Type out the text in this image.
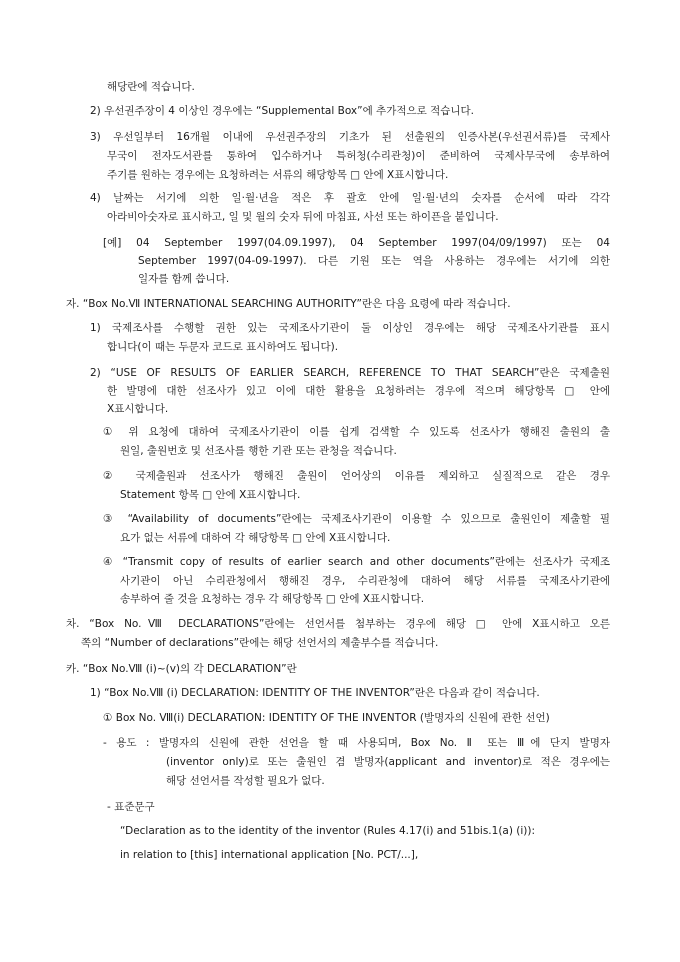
해당란에 적습니다.
2) 우선권주장이 4 이상인 경우에는 “Supplemental Box”에 추가적으로 적습니다.
3) 우선일부터 16개월 이내에 우선권주장의 기초가 된 선출원의 인증사본(우선권서류)를 국제사
무국이 전자도서관를 통하여 입수하거나 특허청(수리관청)이 준비하여 국제사무국에 송부하여
주기를 원하는 경우에는 요청하려는 서류의 해당항목 □ 안에 X표시합니다.
4) 날짜는 서기에 의한 일·월·년을 적은 후 괄호 안에 일·월·년의 숫자를 순서에 따라 각각
아라비아숫자로 표시하고, 일 및 월의 숫자 뒤에 마침표, 사선 또는 하이픈을 붙입니다.
[예] 04 September 1997(04.09.1997), 04 September 1997(04/09/1997) 또는 04
September 1997(04-09-1997). 다른 기원 또는 역을 사용하는 경우에는 서기에 의한
일자를 함께 씁니다.
자. “Box No.Ⅶ INTERNATIONAL SEARCHING AUTHORITY”란은 다음 요령에 따라 적습니다.
1) 국제조사를 수행할 권한 있는 국제조사기관이 둘 이상인 경우에는 해당 국제조사기관를 표시
합니다(이 때는 두문자 코드로 표시하여도 됩니다).
2) “USE OF RESULTS OF EARLIER SEARCH, REFERENCE TO THAT SEARCH”란은 국제출원
한 발명에 대한 선조사가 있고 이에 대한 활용을 요청하려는 경우에 적으며 해당항목 □ 안에
X표시합니다.
① 위 요청에 대하여 국제조사기관이 이를 쉽게 검색할 수 있도록 선조사가 행해진 출원의 출
원일, 출원번호 및 선조사를 행한 기관 또는 관청을 적습니다.
② 국제출원과 선조사가 행해진 출원이 언어상의 이유를 제외하고 실질적으로 같은 경우
Statement 항목 □ 안에 X표시합니다.
③ “Availability of documents”란에는 국제조사기관이 이용할 수 있으므로 출원인이 제출할 필
요가 없는 서류에 대하여 각 해당항목 □ 안에 X표시합니다.
④ “Transmit copy of results of earlier search and other documents”란에는 선조사가 국제조
사기관이 아닌 수리관청에서 행해진 경우, 수리관청에 대하여 해당 서류를 국제조사기관에
송부하여 줄 것을 요청하는 경우 각 해당항목 □ 안에 X표시합니다.
차. “Box No.Ⅷ DECLARATIONS”란에는 선언서를 첨부하는 경우에 해당 □ 안에 X표시하고 오른
쪽의 “Number of declarations”란에는 해당 선언서의 제출부수를 적습니다.
카. “Box No.Ⅷ (ⅰ)~(ⅴ)의 각 DECLARATION”란
1) “Box No.Ⅷ (ⅰ) DECLARATION: IDENTITY OF THE INVENTOR”란은 다음과 같이 적습니다.
① Box No. Ⅷ(i) DECLARATION: IDENTITY OF THE INVENTOR (발명자의 신원에 관한 선언)
- 용도 : 발명자의 신원에 관한 선언을 할 때 사용되며, Box No. Ⅱ 또는 Ⅲ에 단지 발명자
(inventor only)로 또는 출원인 겸 발명자(applicant and inventor)로 적은 경우에는
해당 선언서를 작성할 필요가 없다.
- 표준문구
“Declaration as to the identity of the inventor (Rules 4.17(i) and 51bis.1(a) (i)):
in relation to [this] international application [No. PCT/...],
